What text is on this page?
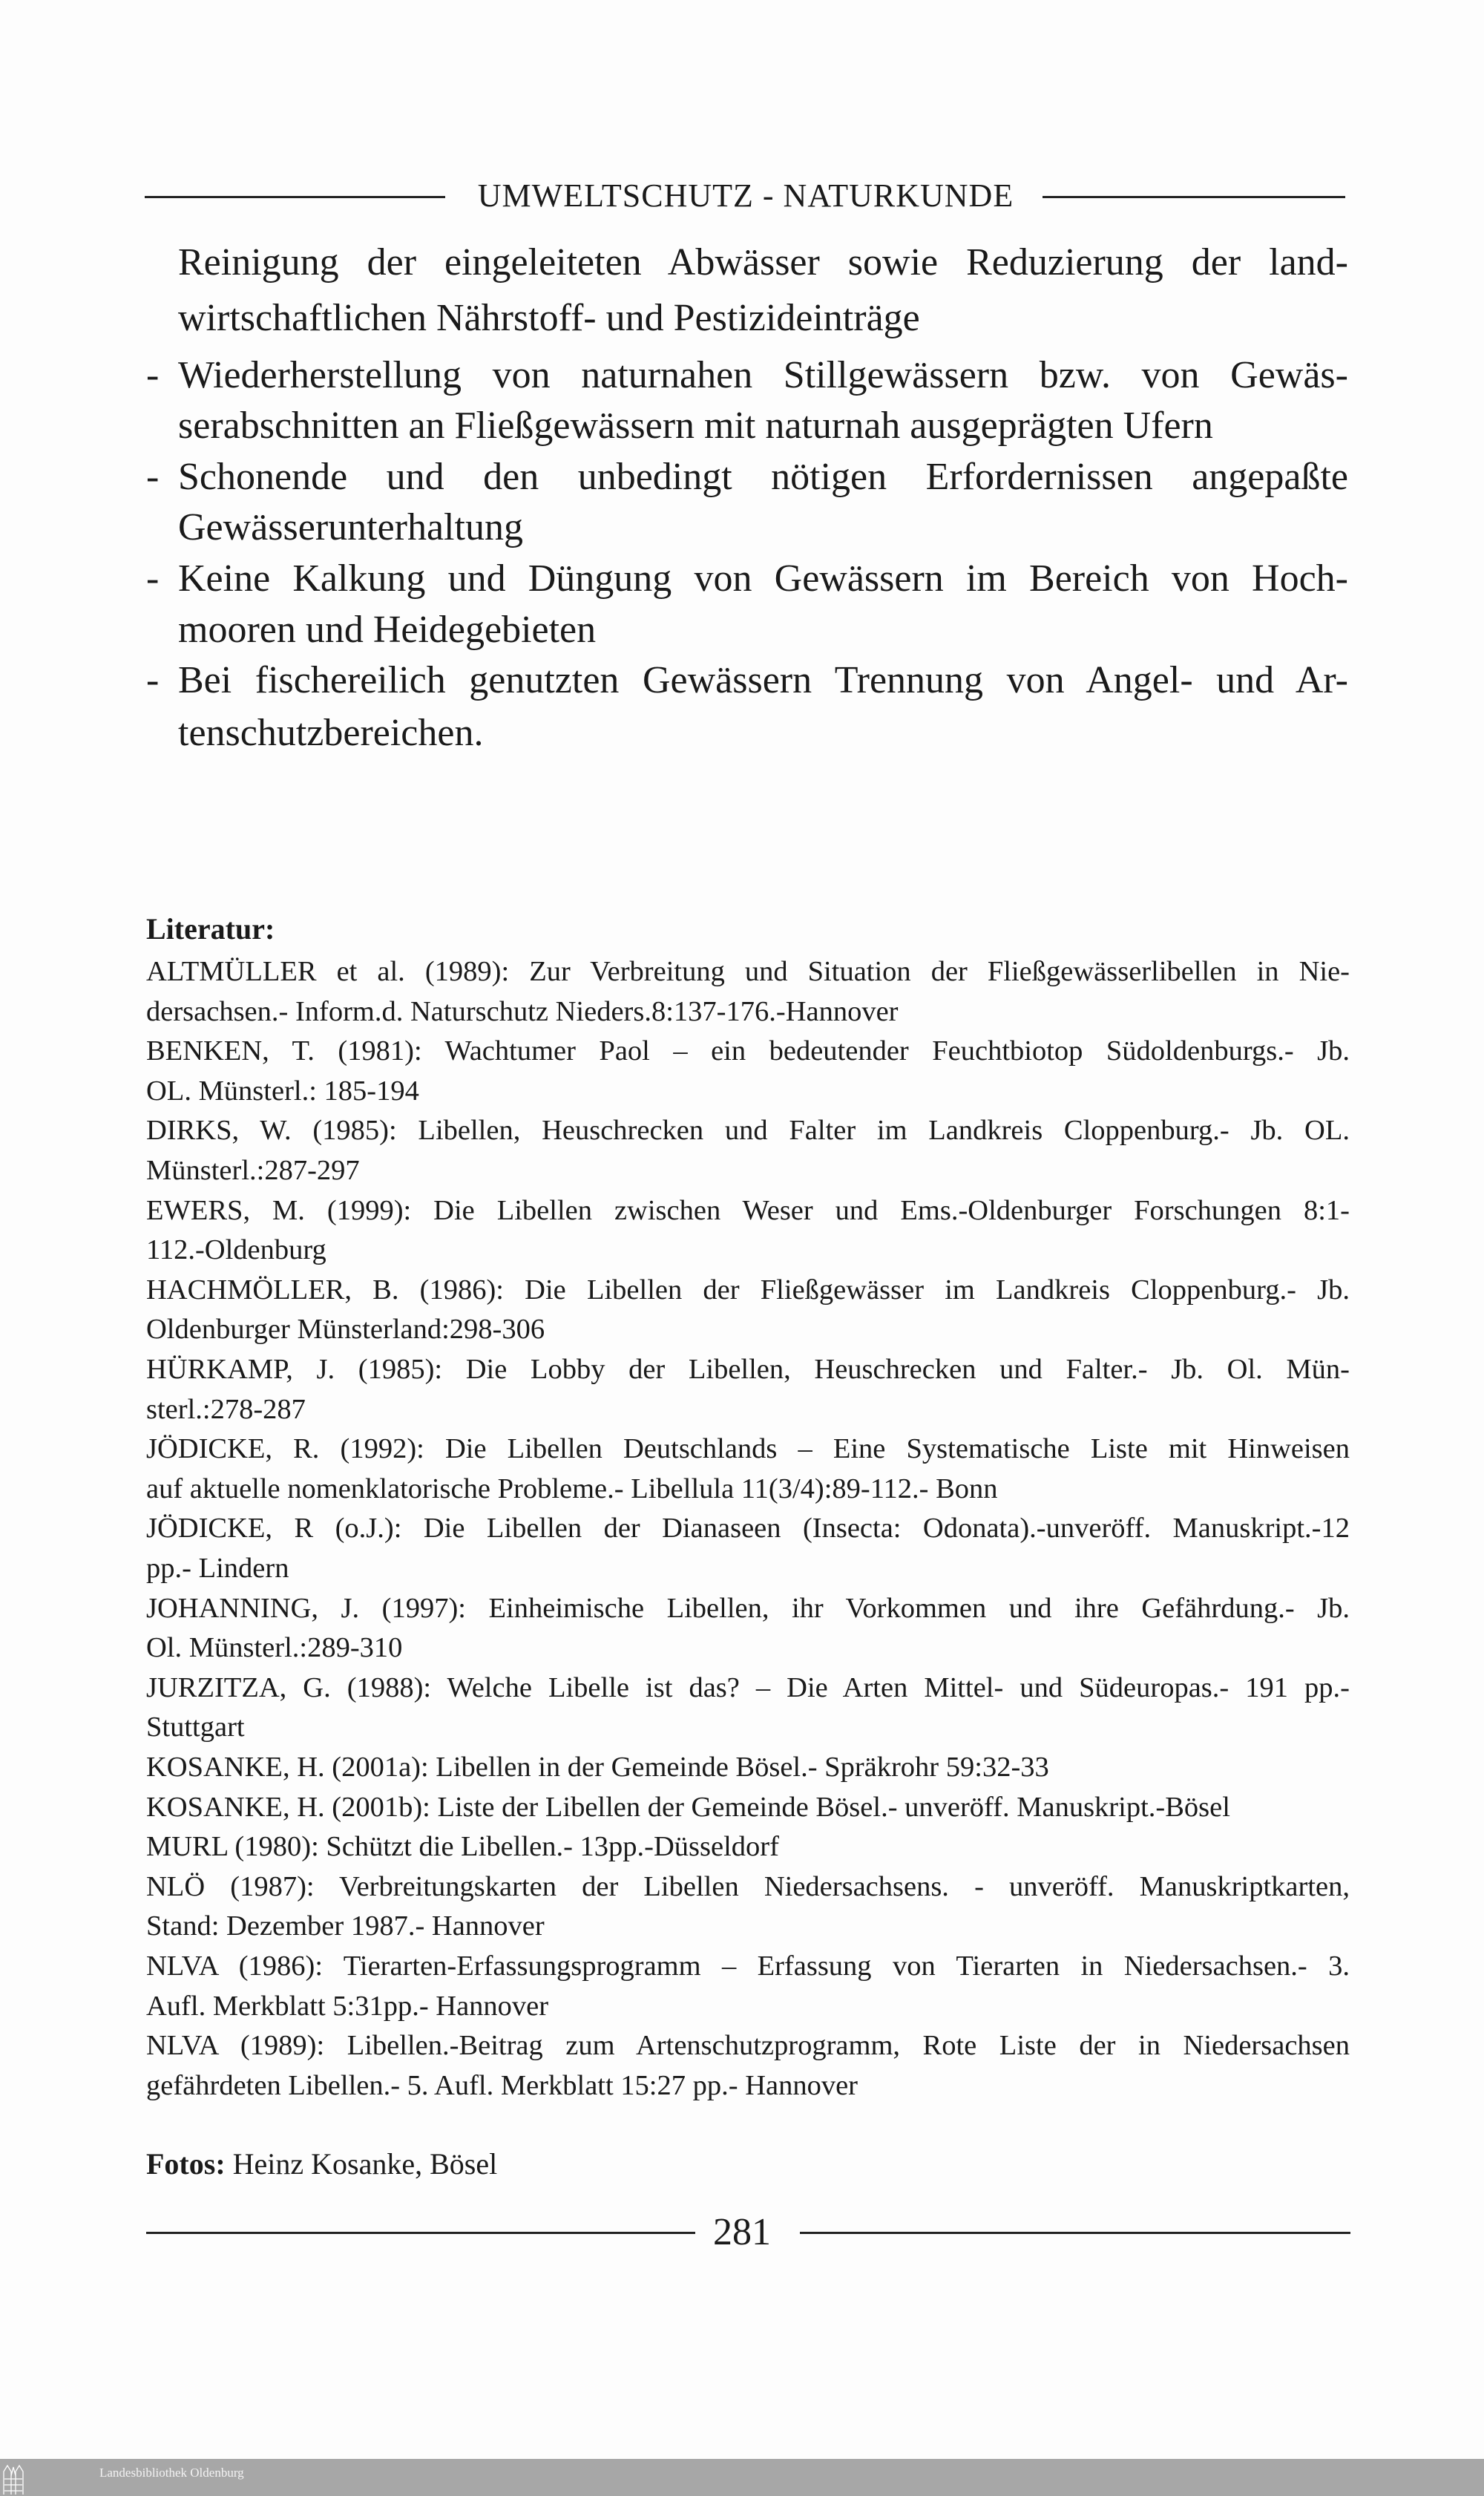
UMWELTSCHUTZ - NATURKUNDE
Reinigung der eingeleiteten Abwässer sowie Reduzierung der land-
wirtschaftlichen Nährstoff- und Pestizideinträge
- Wiederherstellung von naturnahen Stillgewässern bzw. von Gewäs-
serabschnitten an Fließgewässern mit naturnah ausgeprägten Ufern
- Schonende und den unbedingt nötigen Erfordernissen angepaßte
Gewässerunterhaltung
- Keine Kalkung und Düngung von Gewässern im Bereich von Hoch-
mooren und Heidegebieten
- Bei fischereilich genutzten Gewässern Trennung von Angel- und Ar-
tenschutzbereichen.
Literatur:
ALTMÜLLER et al. (1989): Zur Verbreitung und Situation der Fließgewässerlibellen in Nie-
dersachsen.- Inform.d. Naturschutz Nieders.8:137-176.-Hannover
BENKEN, T. (1981): Wachtumer Paol – ein bedeutender Feuchtbiotop Südoldenburgs.- Jb.
OL. Münsterl.: 185-194
DIRKS, W. (1985): Libellen, Heuschrecken und Falter im Landkreis Cloppenburg.- Jb. OL.
Münsterl.:287-297
EWERS, M. (1999): Die Libellen zwischen Weser und Ems.-Oldenburger Forschungen 8:1-
112.-Oldenburg
HACHMÖLLER, B. (1986): Die Libellen der Fließgewässer im Landkreis Cloppenburg.- Jb.
Oldenburger Münsterland:298-306
HÜRKAMP, J. (1985): Die Lobby der Libellen, Heuschrecken und Falter.- Jb. Ol. Mün-
sterl.:278-287
JÖDICKE, R. (1992): Die Libellen Deutschlands – Eine Systematische Liste mit Hinweisen
auf aktuelle nomenklatorische Probleme.- Libellula 11(3/4):89-112.- Bonn
JÖDICKE, R (o.J.): Die Libellen der Dianaseen (Insecta: Odonata).-unveröff. Manuskript.-12
pp.- Lindern
JOHANNING, J. (1997): Einheimische Libellen, ihr Vorkommen und ihre Gefährdung.- Jb.
Ol. Münsterl.:289-310
JURZITZA, G. (1988): Welche Libelle ist das? – Die Arten Mittel- und Südeuropas.- 191 pp.-
Stuttgart
KOSANKE, H. (2001a): Libellen in der Gemeinde Bösel.- Spräkrohr 59:32-33
KOSANKE, H. (2001b): Liste der Libellen der Gemeinde Bösel.- unveröff. Manuskript.-Bösel
MURL (1980): Schützt die Libellen.- 13pp.-Düsseldorf
NLÖ (1987): Verbreitungskarten der Libellen Niedersachsens. - unveröff. Manuskriptkarten,
Stand: Dezember 1987.- Hannover
NLVA (1986): Tierarten-Erfassungsprogramm – Erfassung von Tierarten in Niedersachsen.- 3.
Aufl. Merkblatt 5:31pp.- Hannover
NLVA (1989): Libellen.-Beitrag zum Artenschutzprogramm, Rote Liste der in Niedersachsen
gefährdeten Libellen.- 5. Aufl. Merkblatt 15:27 pp.- Hannover
Fotos: Heinz Kosanke, Bösel
281
Landesbibliothek Oldenburg
